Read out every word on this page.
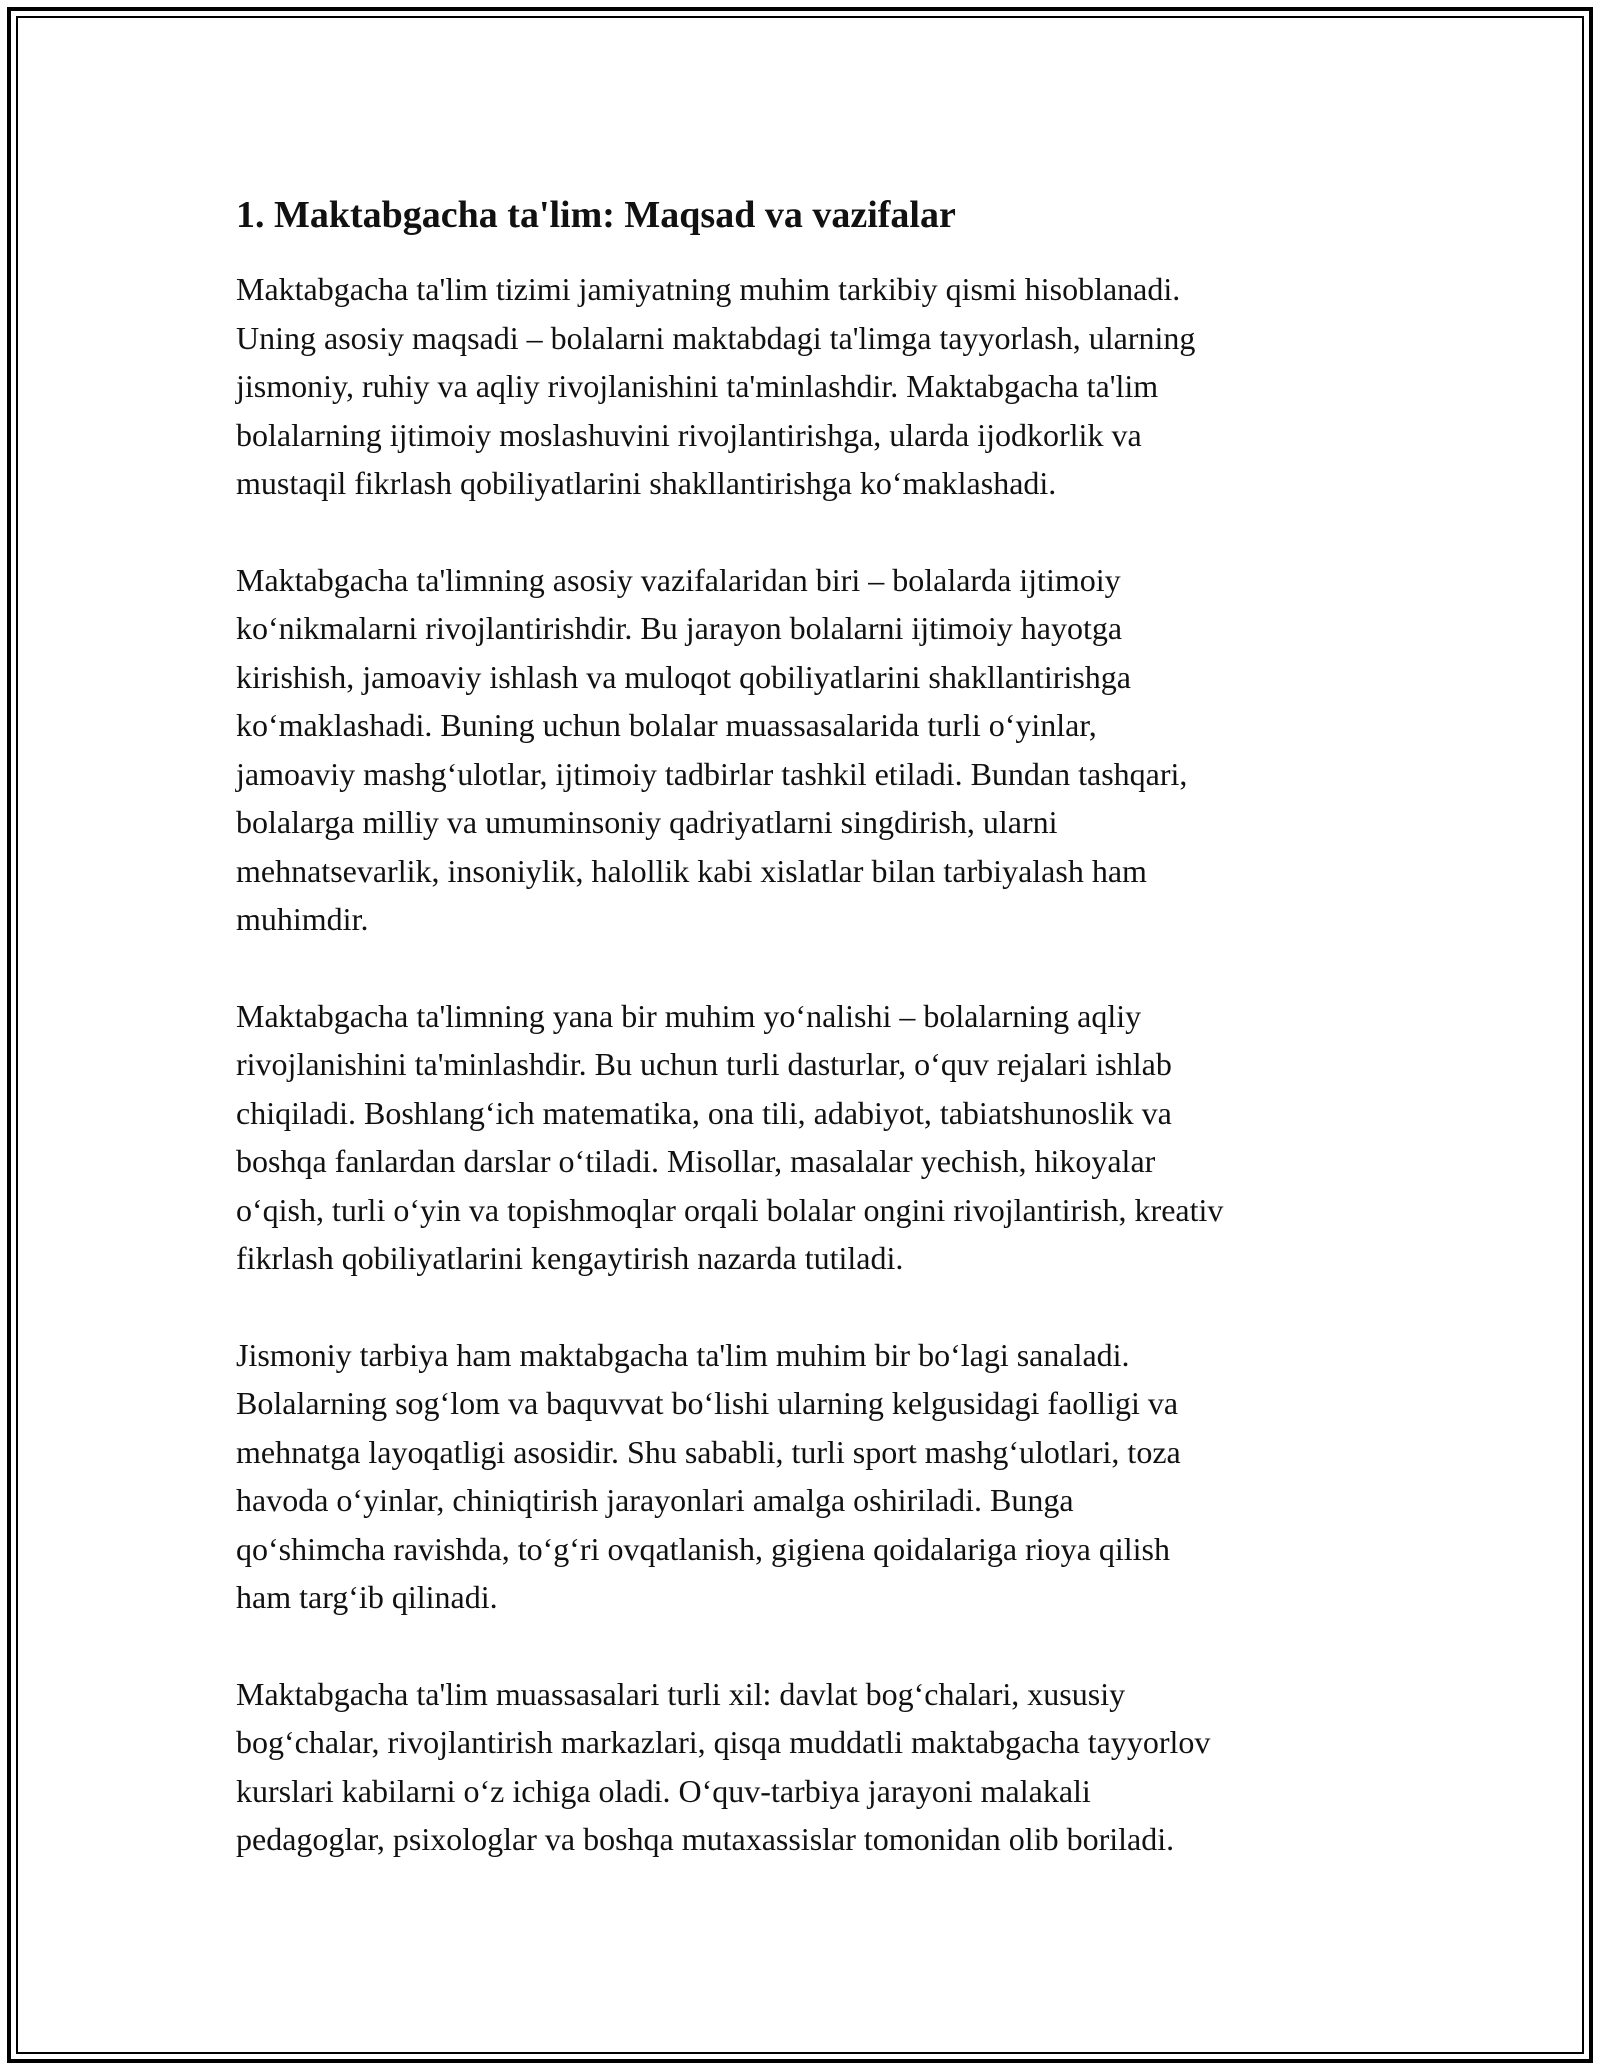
1. Maktabgacha ta'lim: Maqsad va vazifalar
Maktabgacha ta'lim tizimi jamiyatning muhim tarkibiy qismi hisoblanadi.
Uning asosiy maqsadi – bolalarni maktabdagi ta'limga tayyorlash, ularning
jismoniy, ruhiy va aqliy rivojlanishini ta'minlashdir. Maktabgacha ta'lim
bolalarning ijtimoiy moslashuvini rivojlantirishga, ularda ijodkorlik va
mustaqil fikrlash qobiliyatlarini shakllantirishga ko‘maklashadi.
Maktabgacha ta'limning asosiy vazifalaridan biri – bolalarda ijtimoiy
ko‘nikmalarni rivojlantirishdir. Bu jarayon bolalarni ijtimoiy hayotga
kirishish, jamoaviy ishlash va muloqot qobiliyatlarini shakllantirishga
ko‘maklashadi. Buning uchun bolalar muassasalarida turli o‘yinlar,
jamoaviy mashg‘ulotlar, ijtimoiy tadbirlar tashkil etiladi. Bundan tashqari,
bolalarga milliy va umuminsoniy qadriyatlarni singdirish, ularni
mehnatsevarlik, insoniylik, halollik kabi xislatlar bilan tarbiyalash ham
muhimdir.
Maktabgacha ta'limning yana bir muhim yo‘nalishi – bolalarning aqliy
rivojlanishini ta'minlashdir. Bu uchun turli dasturlar, o‘quv rejalari ishlab
chiqiladi. Boshlang‘ich matematika, ona tili, adabiyot, tabiatshunoslik va
boshqa fanlardan darslar o‘tiladi. Misollar, masalalar yechish, hikoyalar
o‘qish, turli o‘yin va topishmoqlar orqali bolalar ongini rivojlantirish, kreativ
fikrlash qobiliyatlarini kengaytirish nazarda tutiladi.
Jismoniy tarbiya ham maktabgacha ta'lim muhim bir bo‘lagi sanaladi.
Bolalarning sog‘lom va baquvvat bo‘lishi ularning kelgusidagi faolligi va
mehnatga layoqatligi asosidir. Shu sababli, turli sport mashg‘ulotlari, toza
havoda o‘yinlar, chiniqtirish jarayonlari amalga oshiriladi. Bunga
qo‘shimcha ravishda, to‘g‘ri ovqatlanish, gigiena qoidalariga rioya qilish
ham targ‘ib qilinadi.
Maktabgacha ta'lim muassasalari turli xil: davlat bog‘chalari, xususiy
bog‘chalar, rivojlantirish markazlari, qisqa muddatli maktabgacha tayyorlov
kurslari kabilarni o‘z ichiga oladi. O‘quv-tarbiya jarayoni malakali
pedagoglar, psixologlar va boshqa mutaxassislar tomonidan olib boriladi.
